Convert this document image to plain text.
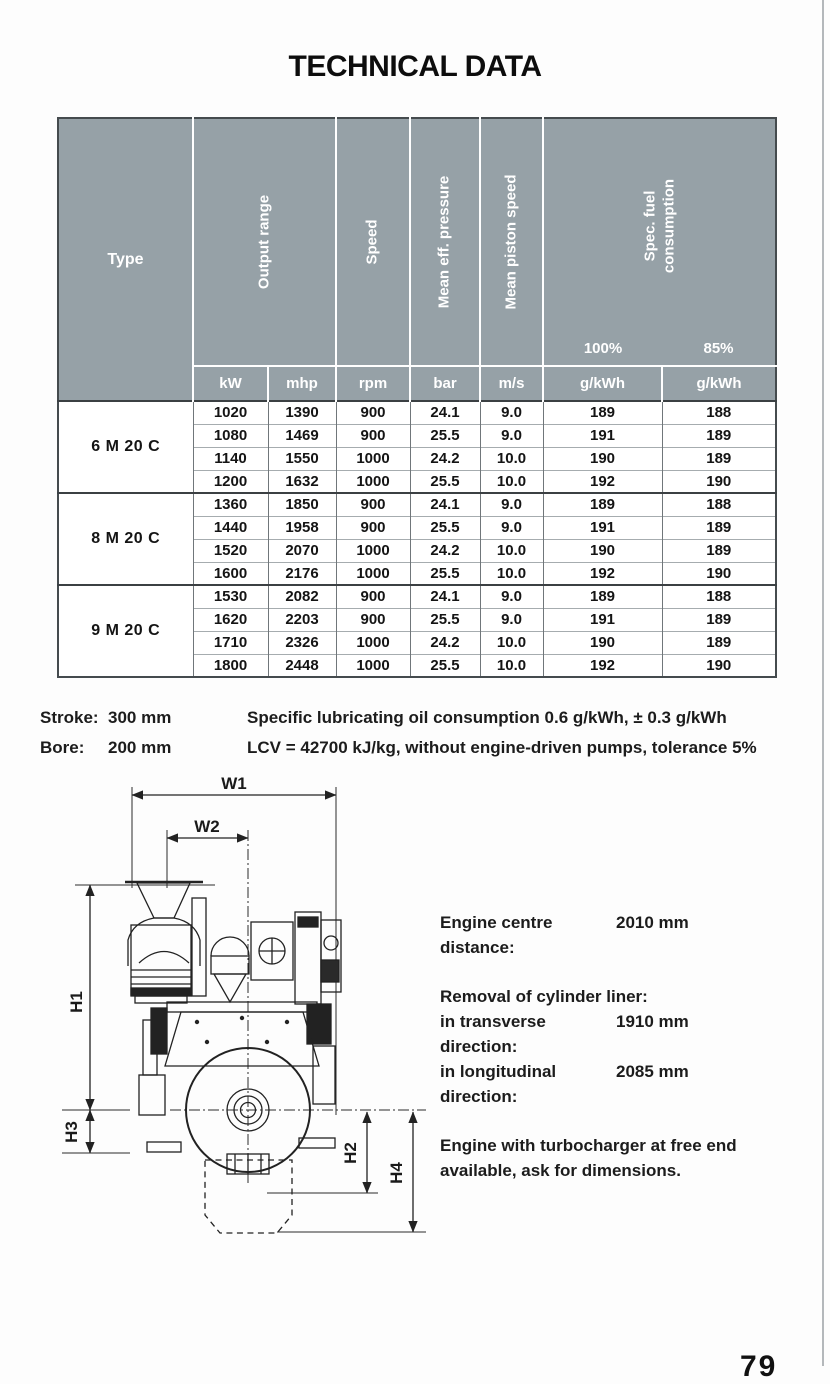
TECHNICAL DATA
Type	Output range		Speed	Mean eff. pressure	Mean piston speed	Spec. fuel consumption	

						100%	85%
	kW	mhp	rpm	bar	m/s	g/kWh	g/kWh
6 M 20 C	1020	1390	900	24.1	9.0	189	188
	1080	1469	900	25.5	9.0	191	189
	1140	1550	1000	24.2	10.0	190	189
	1200	1632	1000	25.5	10.0	192	190
8 M 20 C	1360	1850	900	24.1	9.0	189	188
	1440	1958	900	25.5	9.0	191	189
	1520	2070	1000	24.2	10.0	190	189
	1600	2176	1000	25.5	10.0	192	190
9 M 20 C	1530	2082	900	24.1	9.0	189	188
	1620	2203	900	25.5	9.0	191	189
	1710	2326	1000	24.2	10.0	190	189
	1800	2448	1000	25.5	10.0	192	190
Stroke: 300 mm
Bore: 200 mm
Specific lubricating oil consumption 0.6 g/kWh, ± 0.3 g/kWh
LCV = 42700 kJ/kg, without engine-driven pumps, tolerance 5%
W1
W2
H1
H3
H2
H4
Engine centre distance:
2010 mm
Removal of cylinder liner:
in transverse direction:
1910 mm
in longitudinal direction:
2085 mm
Engine with turbocharger at free end
available, ask for dimensions.
79
